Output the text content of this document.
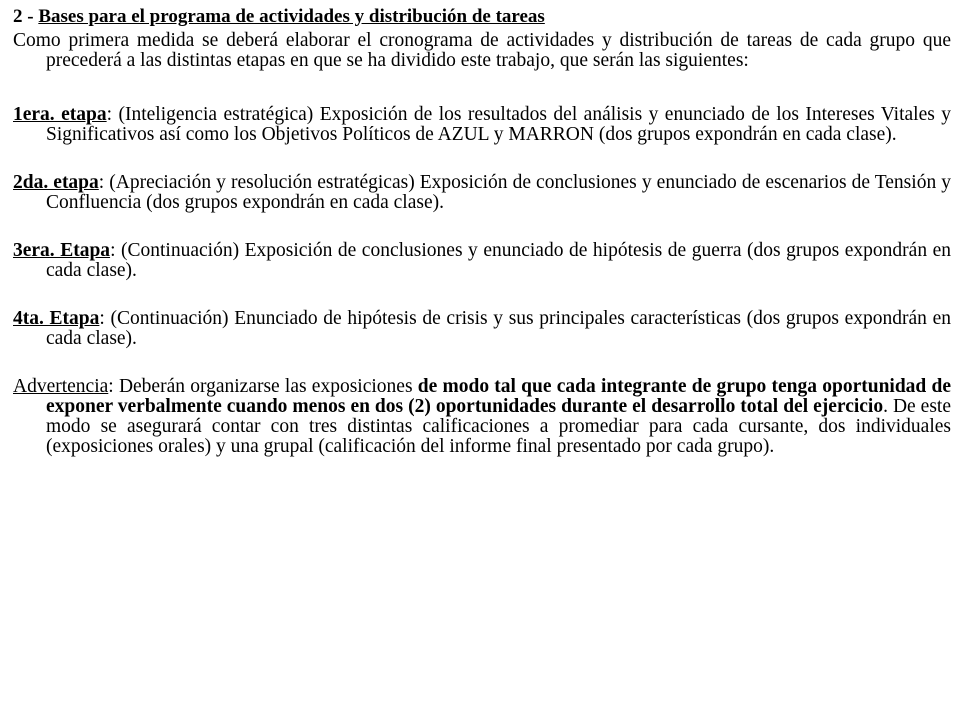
2 - Bases para el programa de actividades y distribución de tareas

Como primera medida se deberá elaborar el cronograma de actividades y distribución de tareas de cada grupo que precederá a las distintas etapas en que se ha dividido este trabajo, que serán las siguientes:

1era. etapa: (Inteligencia estratégica) Exposición de los resultados del análisis y enunciado de los Intereses Vitales y Significativos así como los Objetivos Políticos de AZUL y MARRON (dos grupos expondrán en cada clase).

2da. etapa: (Apreciación y resolución estratégicas) Exposición de conclusiones y enunciado de escenarios de Tensión y Confluencia (dos grupos expondrán en cada clase).

3era. Etapa: (Continuación) Exposición de conclusiones y enunciado de hipótesis de guerra (dos grupos expondrán en cada clase).

4ta. Etapa: (Continuación) Enunciado de hipótesis de crisis y sus principales características (dos grupos expondrán en cada clase).

Advertencia: Deberán organizarse las exposiciones de modo tal que cada integrante de grupo tenga oportunidad de exponer verbalmente cuando menos en dos (2) oportunidades durante el desarrollo total del ejercicio. De este modo se asegurará contar con tres distintas calificaciones a promediar para cada cursante, dos individuales (exposiciones orales) y una grupal (calificación del informe final presentado por cada grupo).
